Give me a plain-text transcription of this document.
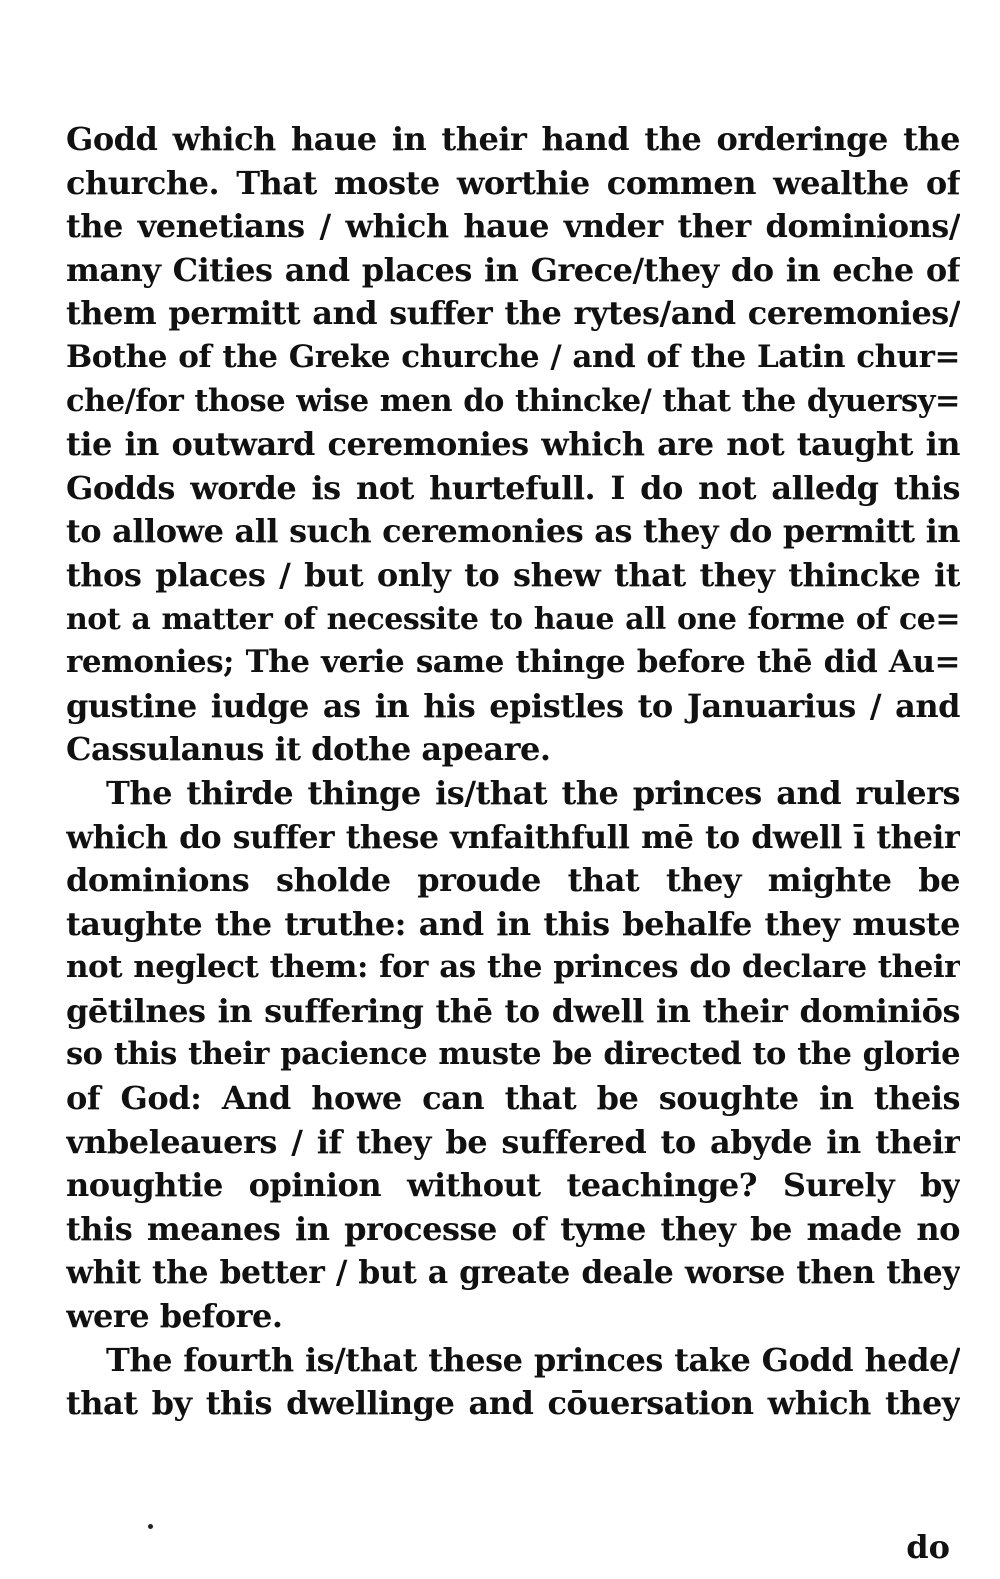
Godd which haue in their hand the orderinge the
churche. That moste worthie commen wealthe of
the venetians / which haue vnder ther dominions/
many Cities and places in Grece/they do in eche of
them permitt and suffer the rytes/and ceremonies/
Bothe of the Greke churche / and of the Latin chur=
che/for those wise men do thincke/ that the dyuersy=
tie in outward ceremonies which are not taught in
Godds worde is not hurtefull. I do not alledg this
to allowe all such ceremonies as they do permitt in
thos places / but only to shew that they thincke it
not a matter of necessite to haue all one forme of ce=
remonies; The verie same thinge before thē did Au=
gustine iudge as in his epistles to Januarius / and
Cassulanus it dothe apeare.
The thirde thinge is/that the princes and rulers
which do suffer these vnfaithfull mē to dwell ī their
dominions sholde proude that they mighte be
taughte the truthe: and in this behalfe they muste
not neglect them: for as the princes do declare their
gētilnes in suffering thē to dwell in their dominiōs
so this their pacience muste be directed to the glorie
of God: And howe can that be soughte in theis
vnbeleauers / if they be suffered to abyde in their
noughtie opinion without teachinge? Surely by
this meanes in processe of tyme they be made no
whit the better / but a greate deale worse then they
were before.
The fourth is/that these princes take Godd hede/
that by this dwellinge and cōuersation which they
do
